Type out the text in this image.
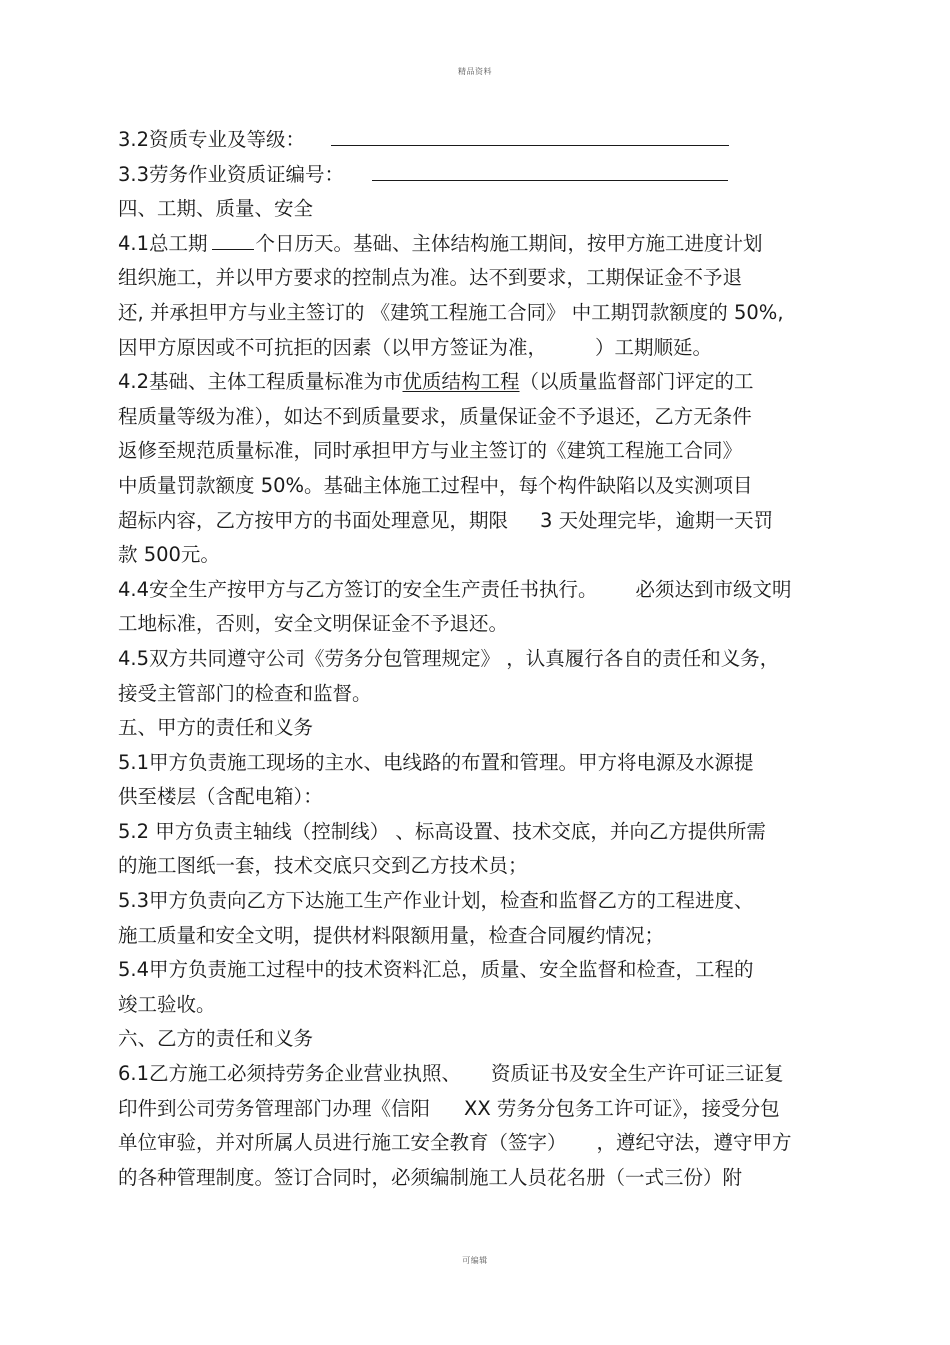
精品资料
3.2资质专业及等级：
3.3劳务作业资质证编号：
四、工期、质量、安全
4.1总工期 个日历天。基础、主体结构施工期间，按甲方施工进度计划
组织施工，并以甲方要求的控制点为准。达不到要求，工期保证金不予退
还, 并承担甲方与业主签订的 《建筑工程施工合同》 中工期罚款额度的 50%,
因甲方原因或不可抗拒的因素（以甲方签证为准， ）工期顺延。
4.2基础、主体工程质量标准为市优质结构工程（以质量监督部门评定的工
程质量等级为准），如达不到质量要求，质量保证金不予退还，乙方无条件
返修至规范质量标准，同时承担甲方与业主签订的《建筑工程施工合同》
中质量罚款额度 50%。基础主体施工过程中，每个构件缺陷以及实测项目
超标内容，乙方按甲方的书面处理意见，期限 3 天处理完毕，逾期一天罚
款 500元。
4.4安全生产按甲方与乙方签订的安全生产责任书执行。 必须达到市级文明
工地标准，否则，安全文明保证金不予退还。
4.5双方共同遵守公司《劳务分包管理规定》 ，认真履行各自的责任和义务，
接受主管部门的检查和监督。
五、甲方的责任和义务
5.1甲方负责施工现场的主水、电线路的布置和管理。甲方将电源及水源提
供至楼层（含配电箱）：
5.2 甲方负责主轴线（控制线） 、标高设置、技术交底，并向乙方提供所需
的施工图纸一套，技术交底只交到乙方技术员；
5.3甲方负责向乙方下达施工生产作业计划，检查和监督乙方的工程进度、
施工质量和安全文明，提供材料限额用量，检查合同履约情况；
5.4甲方负责施工过程中的技术资料汇总，质量、安全监督和检查，工程的
竣工验收。
六、乙方的责任和义务
6.1乙方施工必须持劳务企业营业执照、 资质证书及安全生产许可证三证复
印件到公司劳务管理部门办理《信阳 XX 劳务分包务工许可证》，接受分包
单位审验，并对所属人员进行施工安全教育（签字） ，遵纪守法，遵守甲方
的各种管理制度。签订合同时，必须编制施工人员花名册（一式三份）附
可编辑
